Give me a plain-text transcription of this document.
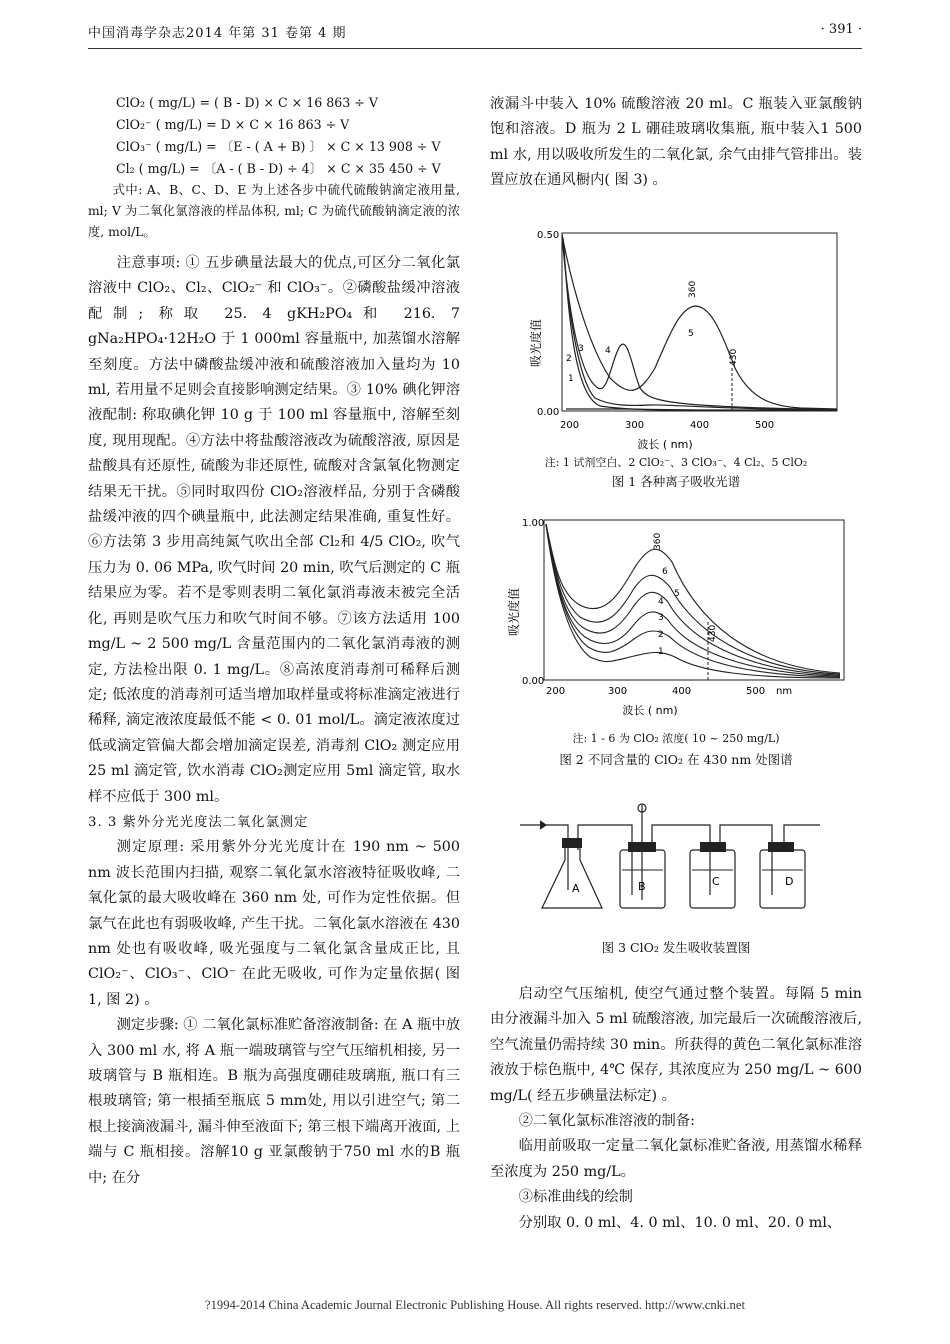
中国消毒学杂志2014 年第 31 卷第 4 期	· 391 ·
ClO₂ ( mg/L) = ( B - D) × C × 16 863 ÷ V
ClO₂⁻ ( mg/L) = D × C × 16 863 ÷ V
ClO₃⁻ ( mg/L) = 〔E - ( A + B) 〕 × C × 13 908 ÷ V
Cl₂ ( mg/L) = 〔A - ( B - D) ÷ 4〕 × C × 35 450 ÷ V

式中: A、B、C、D、E 为上述各步中硫代硫酸钠滴定液用量, ml; V 为二氧化氯溶液的样品体积, ml; C 为硫代硫酸钠滴定液的浓度, mol/L。

注意事项: ① 五步碘量法最大的优点,可区分二氧化氯溶液中 ClO₂、Cl₂、ClO₂⁻ 和 ClO₃⁻。②磷酸盐缓冲溶液配制; 称取 25. 4 gKH₂PO₄和 216. 7 gNa₂HPO₄·12H₂O 于 1 000ml 容量瓶中, 加蒸馏水溶解至刻度。方法中磷酸盐缓冲液和硫酸溶液加入量均为 10 ml, 若用量不足则会直接影响测定结果。③ 10% 碘化钾溶液配制: 称取碘化钾 10 g 于 100 ml 容量瓶中, 溶解至刻度, 现用现配。④方法中将盐酸溶液改为硫酸溶液, 原因是盐酸具有还原性, 硫酸为非还原性, 硫酸对含氯氧化物测定结果无干扰。⑤同时取四份 ClO₂溶液样品, 分别于含磷酸盐缓冲液的四个碘量瓶中, 此法测定结果准确, 重复性好。⑥方法第 3 步用高纯氮气吹出全部 Cl₂和 4/5 ClO₂, 吹气压力为 0. 06 MPa, 吹气时间 20 min, 吹气后测定的 C 瓶结果应为零。若不是零则表明二氧化氯消毒液未被完全活化, 再则是吹气压力和吹气时间不够。⑦该方法适用 100 mg/L ~ 2 500 mg/L 含量范围内的二氧化氯消毒液的测定, 方法检出限 0. 1 mg/L。⑧高浓度消毒剂可稀释后测定; 低浓度的消毒剂可适当增加取样量或将标准滴定液进行稀释, 滴定液浓度最低不能 < 0. 01 mol/L。滴定液浓度过低或滴定管偏大都会增加滴定误差, 消毒剂 ClO₂ 测定应用 25 ml 滴定管, 饮水消毒 ClO₂测定应用 5ml 滴定管, 取水样不应低于 300 ml。

3. 3 紫外分光光度法二氧化氯测定

测定原理: 采用紫外分光光度计在 190 nm ~ 500 nm 波长范围内扫描, 观察二氧化氯水溶液特征吸收峰, 二氧化氯的最大吸收峰在 360 nm 处, 可作为定性依据。但氯气在此也有弱吸收峰, 产生干扰。二氧化氯水溶液在 430 nm 处也有吸收峰, 吸光强度与二氧化氯含量成正比, 且 ClO₂⁻、ClO₃⁻、ClO⁻ 在此无吸收, 可作为定量依据( 图 1, 图 2) 。

测定步骤: ① 二氧化氯标准贮备溶液制备: 在 A 瓶中放入 300 ml 水, 将 A 瓶一端玻璃管与空气压缩机相接, 另一玻璃管与 B 瓶相连。B 瓶为高强度硼硅玻璃瓶, 瓶口有三根玻璃管; 第一根插至瓶底 5 mm处, 用以引进空气; 第二根上接滴液漏斗, 漏斗伸至液面下; 第三根下端离开液面, 上端与 C 瓶相接。溶解10 g 亚氯酸钠于750 ml 水的B 瓶中; 在分

液漏斗中装入 10% 硫酸溶液 20 ml。C 瓶装入亚氯酸钠饱和溶液。D 瓶为 2 L 硼硅玻璃收集瓶, 瓶中装入1 500 ml 水, 用以吸收所发生的二氧化氯, 余气由排气管排出。装置应放在通风橱内( 图 3) 。

吸光度值
0.50
0.00
360
430
1
2
3 4
5
200	300	400	500
波长 ( nm)
注: 1 试剂空白、2 ClO₂⁻、3 ClO₃⁻、4 Cl₂、5 ClO₂
图 1 各种离子吸收光谱
吸光度值
1.00
0.00
360
430
1
2
3
4
5
6
200	300	400	500 nm
波长 ( nm)
注: 1 - 6 为 ClO₂ 浓度( 10 ~ 250 mg/L)
图 2 不同含量的 ClO₂ 在 430 nm 处图谱
A	B	C	D
图 3 ClO₂ 发生吸收装置图

启动空气压缩机, 使空气通过整个装置。每隔 5 min 由分液漏斗加入 5 ml 硫酸溶液, 加完最后一次硫酸溶液后, 空气流量仍需持续 30 min。所获得的黄色二氧化氯标准溶液放于棕色瓶中, 4℃ 保存, 其浓度应为 250 mg/L ~ 600 mg/L( 经五步碘量法标定) 。

②二氧化氯标准溶液的制备:

临用前吸取一定量二氧化氯标准贮备液, 用蒸馏水稀释至浓度为 250 mg/L。

③标准曲线的绘制

分别取 0. 0 ml、4. 0 ml、10. 0 ml、20. 0 ml、

?1994-2014 China Academic Journal Electronic Publishing House. All rights reserved. http://www.cnki.net
